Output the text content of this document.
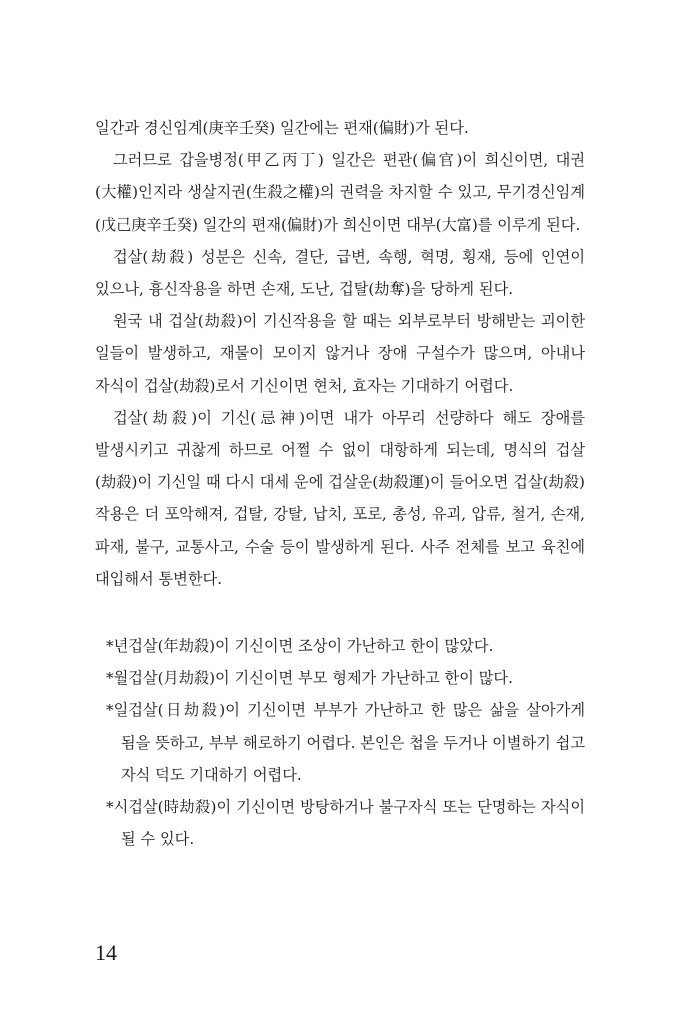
일간과 경신임계(庚辛壬癸) 일간에는 편재(偏財)가 된다.

그러므로 갑을병정(甲乙丙丁) 일간은 편관(偏官)이 희신이면, 대권(大權)인지라 생살지권(生殺之權)의 권력을 차지할 수 있고, 무기경신임계(戊己庚辛壬癸) 일간의 편재(偏財)가 희신이면 대부(大富)를 이루게 된다.

겁살(劫殺) 성분은 신속, 결단, 급변, 속행, 혁명, 횡재, 등에 인연이 있으나, 흉신작용을 하면 손재, 도난, 겁탈(劫奪)을 당하게 된다.

원국 내 겁살(劫殺)이 기신작용을 할 때는 외부로부터 방해받는 괴이한 일들이 발생하고, 재물이 모이지 않거나 장애 구설수가 많으며, 아내나 자식이 겁살(劫殺)로서 기신이면 현처, 효자는 기대하기 어렵다.

겁살(劫殺)이 기신(忌神)이면 내가 아무리 선량하다 해도 장애를 발생시키고 귀찮게 하므로 어쩔 수 없이 대항하게 되는데, 명식의 겁살(劫殺)이 기신일 때 다시 대세 운에 겁살운(劫殺運)이 들어오면 겁살(劫殺) 작용은 더 포악해져, 겁탈, 강탈, 납치, 포로, 총성, 유괴, 압류, 철거, 손재, 파재, 불구, 교통사고, 수술 등이 발생하게 된다. 사주 전체를 보고 육친에 대입해서 통변한다.

*년겁살(年劫殺)이 기신이면 조상이 가난하고 한이 많았다.

*월겁살(月劫殺)이 기신이면 부모 형제가 가난하고 한이 많다.

*일겁살(日劫殺)이 기신이면 부부가 가난하고 한 많은 삶을 살아가게 됨을 뜻하고, 부부 해로하기 어렵다. 본인은 첩을 두거나 이별하기 쉽고 자식 덕도 기대하기 어렵다.

*시겁살(時劫殺)이 기신이면 방탕하거나 불구자식 또는 단명하는 자식이 될 수 있다.

14
